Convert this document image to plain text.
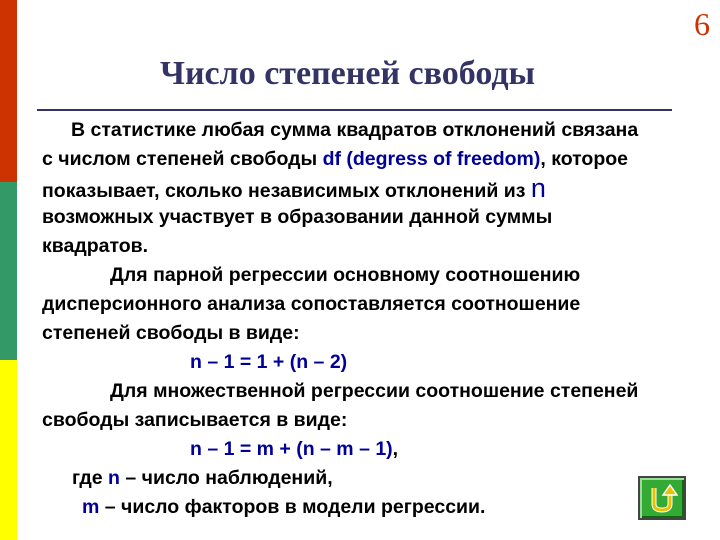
6
Число степеней свободы
В статистике любая сумма квадратов отклонений связана
с числом степеней свободы df (degress of freedom), которое
показывает, сколько независимых отклонений из n
возможных участвует в образовании данной суммы
квадратов.
Для парной регрессии основному соотношению
дисперсионного анализа сопоставляется соотношение
степеней свободы в виде:
n – 1 = 1 + (n – 2)
Для множественной регрессии соотношение степеней
свободы записывается в виде:
n – 1 = m + (n – m – 1),
где n – число наблюдений,
m – число факторов в модели регрессии.
